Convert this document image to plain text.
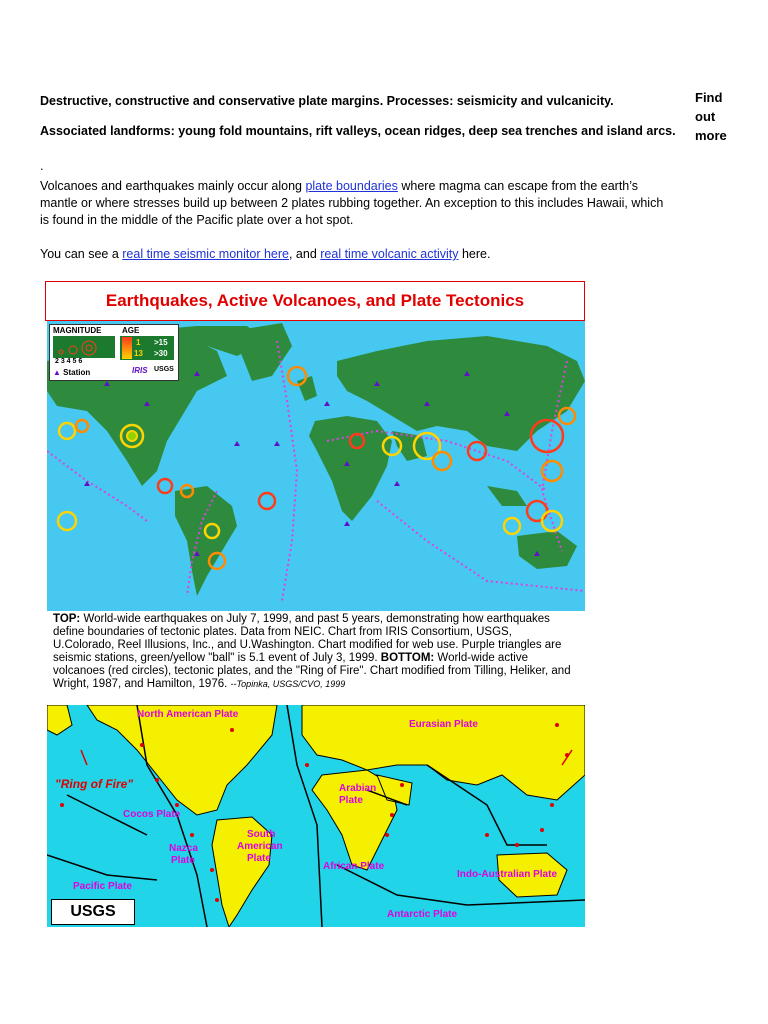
Find
out
more
Destructive, constructive and conservative plate margins. Processes: seismicity and vulcanicity.
Associated landforms: young fold mountains, rift valleys, ocean ridges, deep sea trenches and island arcs.
.
Volcanoes and earthquakes mainly occur along plate boundaries where magma can escape from the earth’s mantle or where stresses build up between 2 plates rubbing together. An exception to this includes Hawaii, which is found in the middle of the Pacific plate over a hot spot.
You can see a real time seismic monitor here, and real time volcanic activity here.
Earthquakes, Active Volcanoes, and Plate Tectonics
MAGNITUDE	AGE
2 3 4 5 6
1 >15
13 >30
▲ Station	IRIS USGS
TOP: World-wide earthquakes on July 7, 1999, and past 5 years, demonstrating how earthquakes define boundaries of tectonic plates. Data from NEIC. Chart from IRIS Consortium, USGS, U.Colorado, Reel Illusions, Inc., and U.Washington. Chart modified for web use. Purple triangles are seismic stations, green/yellow "ball" is 5.1 event of July 3, 1999. BOTTOM: World-wide active volcanoes (red circles), tectonic plates, and the "Ring of Fire". Chart modified from Tilling, Heliker, and Wright, 1987, and Hamilton, 1976. --Topinka, USGS/CVO, 1999
North American Plate
Eurasian Plate
"Ring of Fire"	Arabian
Plate
Cocos Plate
South
American
Plate
Nazca
Plate
African Plate
Indo-Australian Plate
Pacific Plate
Antarctic Plate
USGS
